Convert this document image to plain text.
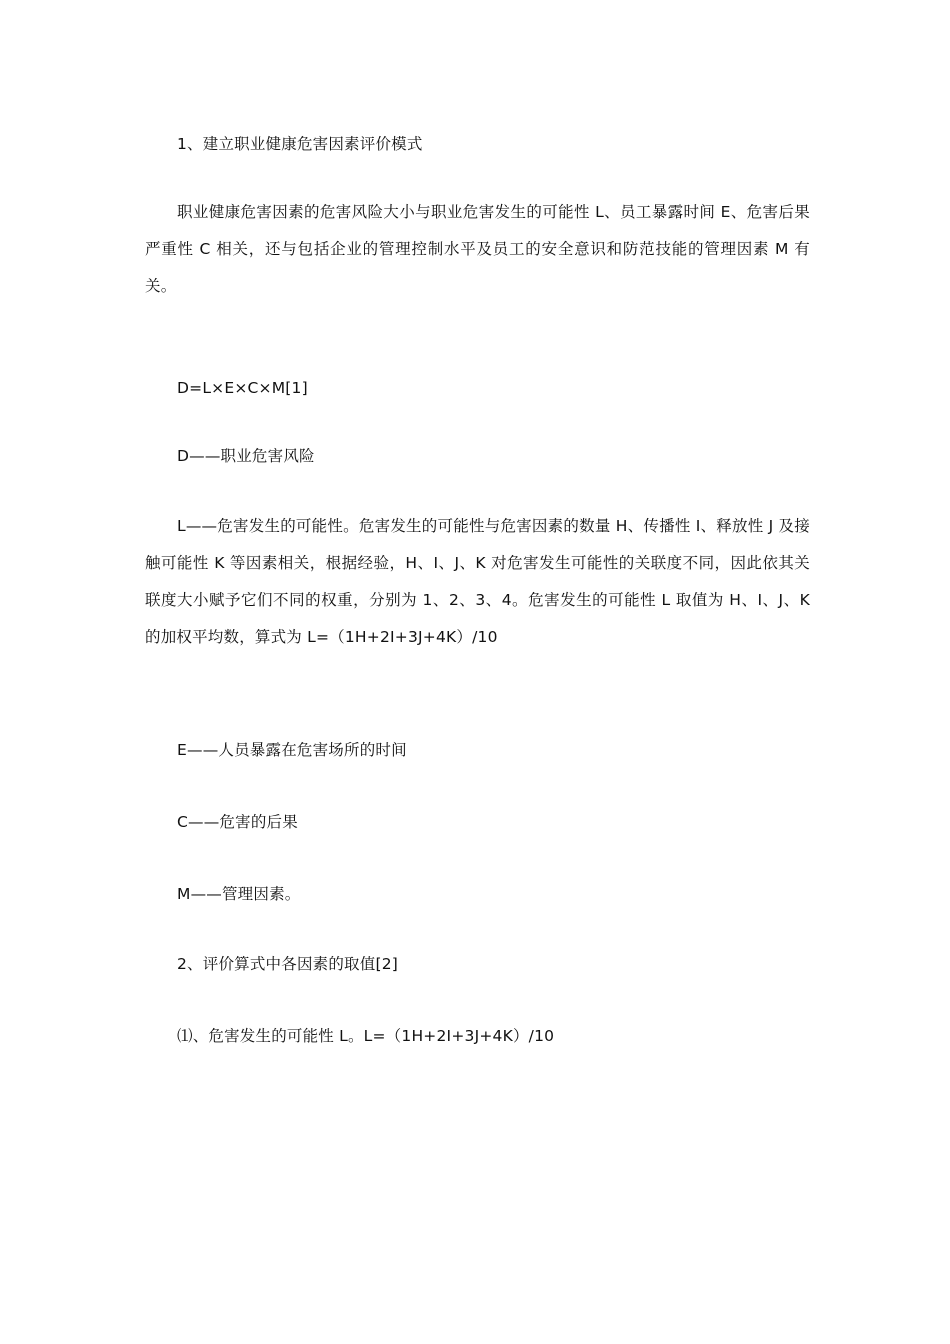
1、建立职业健康危害因素评价模式

职业健康危害因素的危害风险大小与职业危害发生的可能性 L、员工暴露时间 E、危害后果严重性 C 相关，还与包括企业的管理控制水平及员工的安全意识和防范技能的管理因素 M 有关。

D=L×E×C×M[1]

D——职业危害风险

L——危害发生的可能性。危害发生的可能性与危害因素的数量 H、传播性 I、释放性 J 及接触可能性 K 等因素相关，根据经验，H、I、J、K 对危害发生可能性的关联度不同，因此依其关联度大小赋予它们不同的权重，分别为 1、2、3、4。危害发生的可能性 L 取值为 H、I、J、K 的加权平均数，算式为 L=（1H+2I+3J+4K）/10

E——人员暴露在危害场所的时间

C——危害的后果

M——管理因素。

2、评价算式中各因素的取值[2]

⑴、危害发生的可能性 L。L=（1H+2I+3J+4K）/10
